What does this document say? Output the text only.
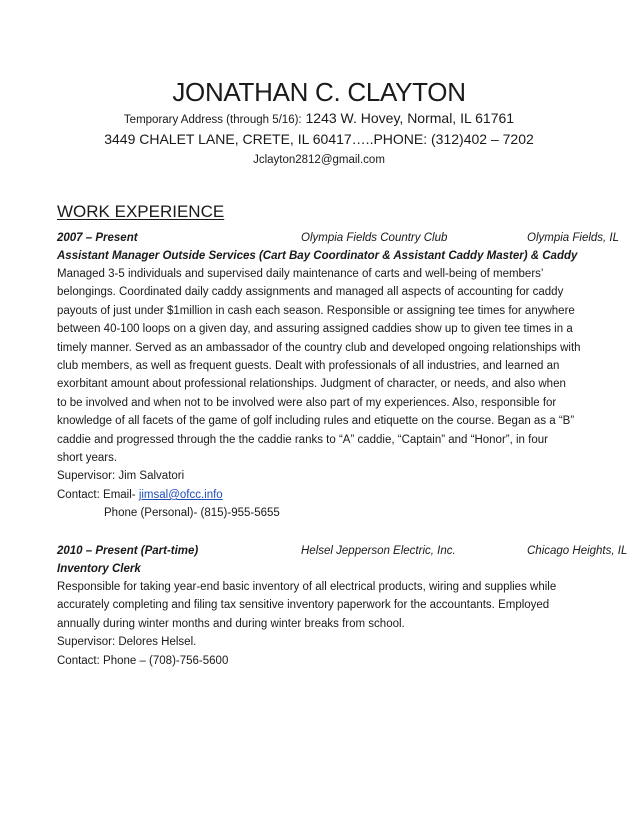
JONATHAN C. CLAYTON
Temporary Address (through 5/16): 1243 W. Hovey, Normal, IL 61761
3449 CHALET LANE, CRETE, IL 60417…..PHONE: (312)402 – 7202
Jclayton2812@gmail.com
WORK EXPERIENCE
2007 – Present	Olympia Fields Country Club	Olympia Fields, IL
Assistant Manager Outside Services (Cart Bay Coordinator & Assistant Caddy Master) & Caddy
Managed 3-5 individuals and supervised daily maintenance of carts and well-being of members’
belongings. Coordinated daily caddy assignments and managed all aspects of accounting for caddy
payouts of just under $1million in cash each season. Responsible or assigning tee times for anywhere
between 40-100 loops on a given day, and assuring assigned caddies show up to given tee times in a
timely manner. Served as an ambassador of the country club and developed ongoing relationships with
club members, as well as frequent guests. Dealt with professionals of all industries, and learned an
exorbitant amount about professional relationships. Judgment of character, or needs, and also when
to be involved and when not to be involved were also part of my experiences. Also, responsible for
knowledge of all facets of the game of golf including rules and etiquette on the course. Began as a “B”
caddie and progressed through the the caddie ranks to “A” caddie, “Captain” and “Honor”, in four
short years.
Supervisor: Jim Salvatori
Contact: Email- jimsal@ofcc.info
Phone (Personal)- (815)-955-5655
2010 – Present (Part-time)	Helsel Jepperson Electric, Inc.	Chicago Heights, IL
Inventory Clerk
Responsible for taking year-end basic inventory of all electrical products, wiring and supplies while
accurately completing and filing tax sensitive inventory paperwork for the accountants. Employed
annually during winter months and during winter breaks from school.
Supervisor: Delores Helsel.
Contact: Phone – (708)-756-5600
